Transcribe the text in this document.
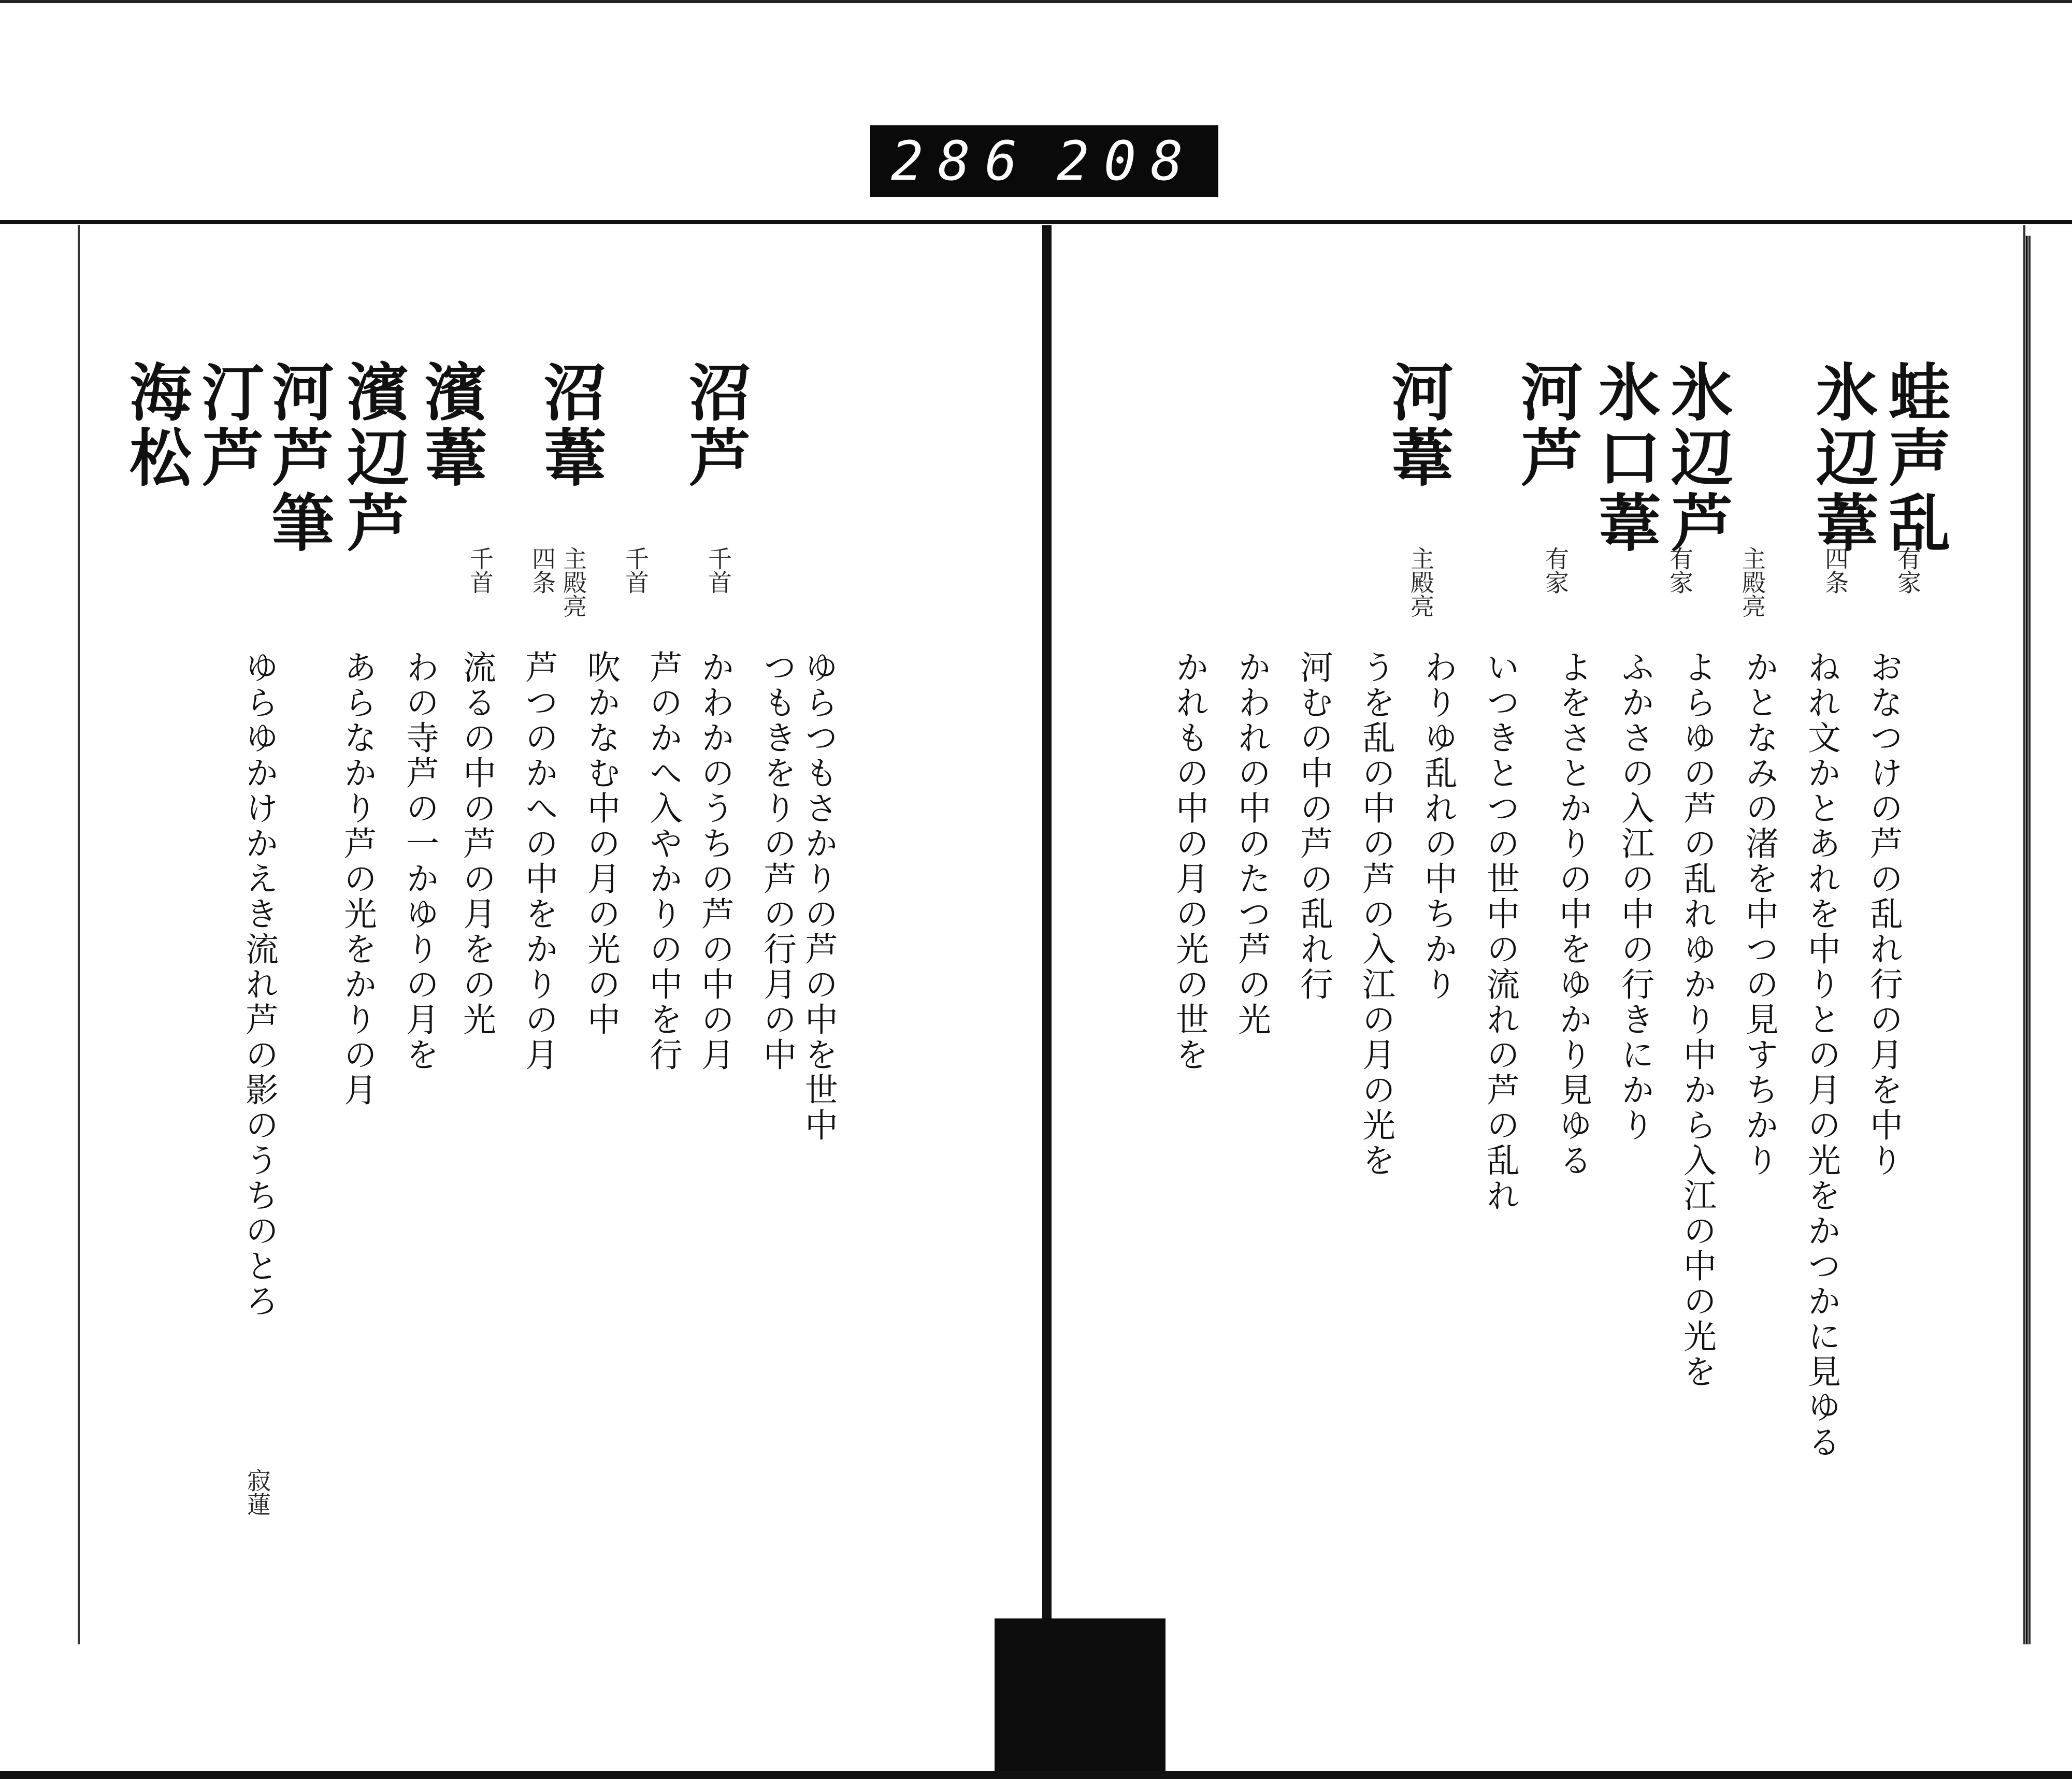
286 208
沼芦
沼葦
濱葦
濱辺芦
河芦筆
汀芦
海松
千首
千首
主殿亮
四条
千首
ゆらつもさかりの芦の中を世中
つもきをりの芦の行月の中
かわかのうちの芦の中の月
芦のかへ入やかりの中を行
吹かなむ中の月の光の中
芦つのかへの中をかりの月
流るの中の芦の月をの光
わの寺芦の一かゆりの月を
あらなかり芦の光をかりの月
ゆらゆかけかえき流れ芦の影のうちのとろ
寂蓮
蛙声乱
氷辺葦
氷辺芦
氷口葦
河芦
河葦
有家
四条
主殿亮
有家
有家
主殿亮
おなつけの芦の乱れ行の月を中り
ねれ文かとあれを中りとの月の光をかつかに見ゆる
かとなみの渚を中つの見すちかり
よらゆの芦の乱れゆかり中から入江の中の光を
ふかさの入江の中の行きにかり
よをさとかりの中をゆかり見ゆる
いつきとつの世中の流れの芦の乱れ
わりゆ乱れの中ちかり
うを乱の中の芦の入江の月の光を
河むの中の芦の乱れ行
かわれの中のたつ芦の光
かれもの中の月の光の世を
